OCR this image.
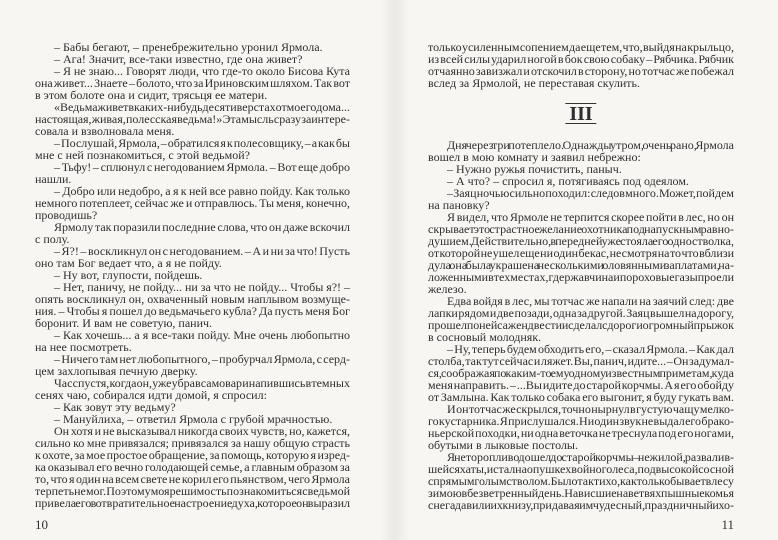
– Бабы бегают, – пренебрежительно уронил Ярмола.
– Ага! Значит, все-таки известно, где она живет?
– Я не знаю... Говорят люди, что где-то около Бисова Кута
она живет... Знаете – болото, что за Ириновским шляхом. Так вот
в этом болоте она и сидит, трясьця ее матери.
«Ведьма живет в каких-нибудь десяти верстах от моего дома...
настоящая, живая, полесская ведьма!» Эта мысль сразу заинтере-
совала и взволновала меня.
– Послушай, Ярмола, – обратился я к полесовщику, – а как бы
мне с ней познакомиться, с этой ведьмой?
– Тьфу! – сплюнул с негодованием Ярмола. – Вот еще добро
нашли.
– Добро или недобро, а я к ней все равно пойду. Как только
немного потеплеет, сейчас же и отправлюсь. Ты меня, конечно,
проводишь?
Ярмолу так поразили последние слова, что он даже вскочил
с полу.
– Я?! – воскликнул он с негодованием. – А и ни за что! Пусть
оно там Бог ведает что, а я не пойду.
– Ну вот, глупости, пойдешь.
– Нет, паничу, не пойду... ни за что не пойду... Чтобы я?! –
опять воскликнул он, охваченный новым наплывом возмуще-
ния. – Чтобы я пошел до ведьмачьего кубла? Да пусть меня Бог
боронит. И вам не советую, панич.
– Как хочешь... а я все-таки пойду. Мне очень любопытно
на нее посмотреть.
– Ничего там нет любопытного, – пробурчал Ярмола, с серд-
цем захлопывая печную дверку.
Час спустя, когда он, уже убрав самовар и напившись в темных
сенях чаю, собирался идти домой, я спросил:
– Как зовут эту ведьму?
– Мануйлиха, – ответил Ярмола с грубой мрачностью.
Он хотя и не высказывал никогда своих чувств, но, кажется,
сильно ко мне привязался; привязался за нашу общую страсть
к охоте, за мое простое обращение, за помощь, которую я изред-
ка оказывал его вечно голодающей семье, а главным образом за
то, что я один на всем свете не корил его пьянством, чего Ярмола
терпеть не мог. Поэтому моя решимость познакомиться с ведьмой
привела его в отвратительное настроение духа, которое он выразил
только усиленным сопением да еще тем, что, выйдя на крыльцо,
из всей силы ударил ногой в бок свою собаку – Рябчика. Рябчик
отчаянно завизжал и отскочил в сторону, но тотчас же побежал
вслед за Ярмолой, не переставая скулить.
III
Дня через три потеплело. Однажды утром, очень рано, Ярмола
вошел в мою комнату и заявил небрежно:
– Нужно ружья почистить, паныч.
– А что? – спросил я, потягиваясь под одеялом.
– Заяц ночью сильно походил: следов много. Может, пойдем
на пановку?
Я видел, что Ярмоле не терпится скорее пойти в лес, но он
скрывает это страстное желание охотника под напускным равно-
душием. Действительно, в передней уже стояла его одностволка,
от которой не ушел еще ни один бекас, несмотря на то что вблизи
дула она была украшена несколькими оловянными заплатами, на-
ложенными в тех местах, где ржавчина и пороховые газы проели
железо.
Едва войдя в лес, мы тотчас же напали на заячий след: две
лапки рядом и две позади, одна за другой. Заяц вышел на дорогу,
прошел по ней сажен двести и сделал с дороги огромный прыжок
в сосновый молодняк.
– Ну, теперь будем обходить его, – сказал Ярмола. – Как дал
столба, так тут сейчас и ляжет. Вы, панич, идите... – Он задумал-
ся, соображая по каким-то ему одному известным приметам, куда
меня направить. – ...Вы идите до старой корчмы. А я его обойду
от Замлына. Как только собака его выгонит, я буду гукать вам.
И он тотчас же скрылся, точно нырнул в густую чащу мелко-
го кустарника. Я прислушался. Ни один звук не выдал его брако-
ньерской походки, ни одна веточка не треснула под его ногами,
обутыми в лыковые постолы.
Я неторопливо дошел до старой корчмы – нежилой, развалив-
шейся хаты, и стал на опушке хвойного леса, под высокой сосной
с прямым голым стволом. Было так тихо, как только бывает в лесу
зимою в безветренный день. Нависшие на ветвях пышные комья
снега давили их книзу, придавая им чудесный, праздничный и хо-
10	11
